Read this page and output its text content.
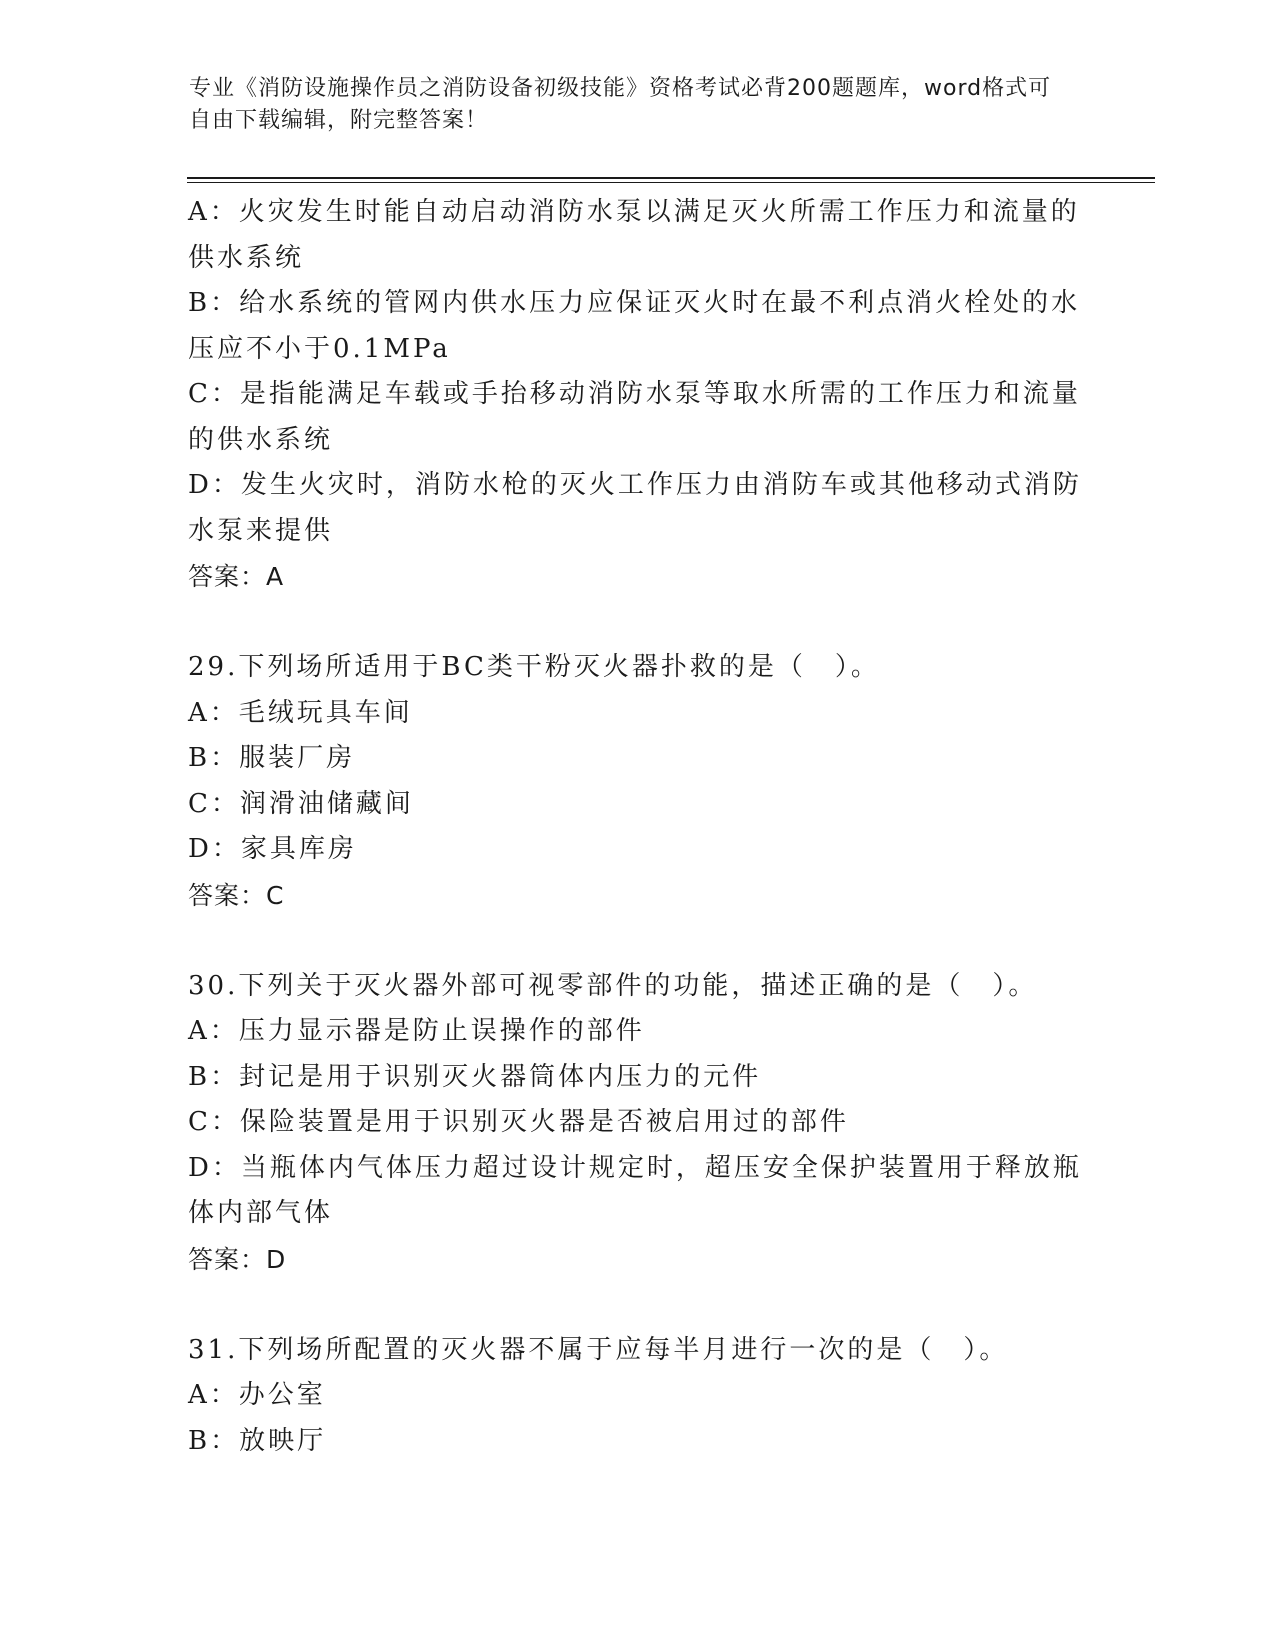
专业《消防设施操作员之消防设备初级技能》资格考试必背200题题库，word格式可自由下载编辑，附完整答案！
A：火灾发生时能自动启动消防水泵以满足灭火所需工作压力和流量的供水系统
B：给水系统的管网内供水压力应保证灭火时在最不利点消火栓处的水压应不小于0.1MPa
C：是指能满足车载或手抬移动消防水泵等取水所需的工作压力和流量的供水系统
D：发生火灾时，消防水枪的灭火工作压力由消防车或其他移动式消防水泵来提供
答案：A
29.下列场所适用于BC类干粉灭火器扑救的是（　）。
A：毛绒玩具车间
B：服装厂房
C：润滑油储藏间
D：家具库房
答案：C
30.下列关于灭火器外部可视零部件的功能，描述正确的是（　）。
A：压力显示器是防止误操作的部件
B：封记是用于识别灭火器筒体内压力的元件
C：保险装置是用于识别灭火器是否被启用过的部件
D：当瓶体内气体压力超过设计规定时，超压安全保护装置用于释放瓶体内部气体
答案：D
31.下列场所配置的灭火器不属于应每半月进行一次的是（　）。
A：办公室
B：放映厅
